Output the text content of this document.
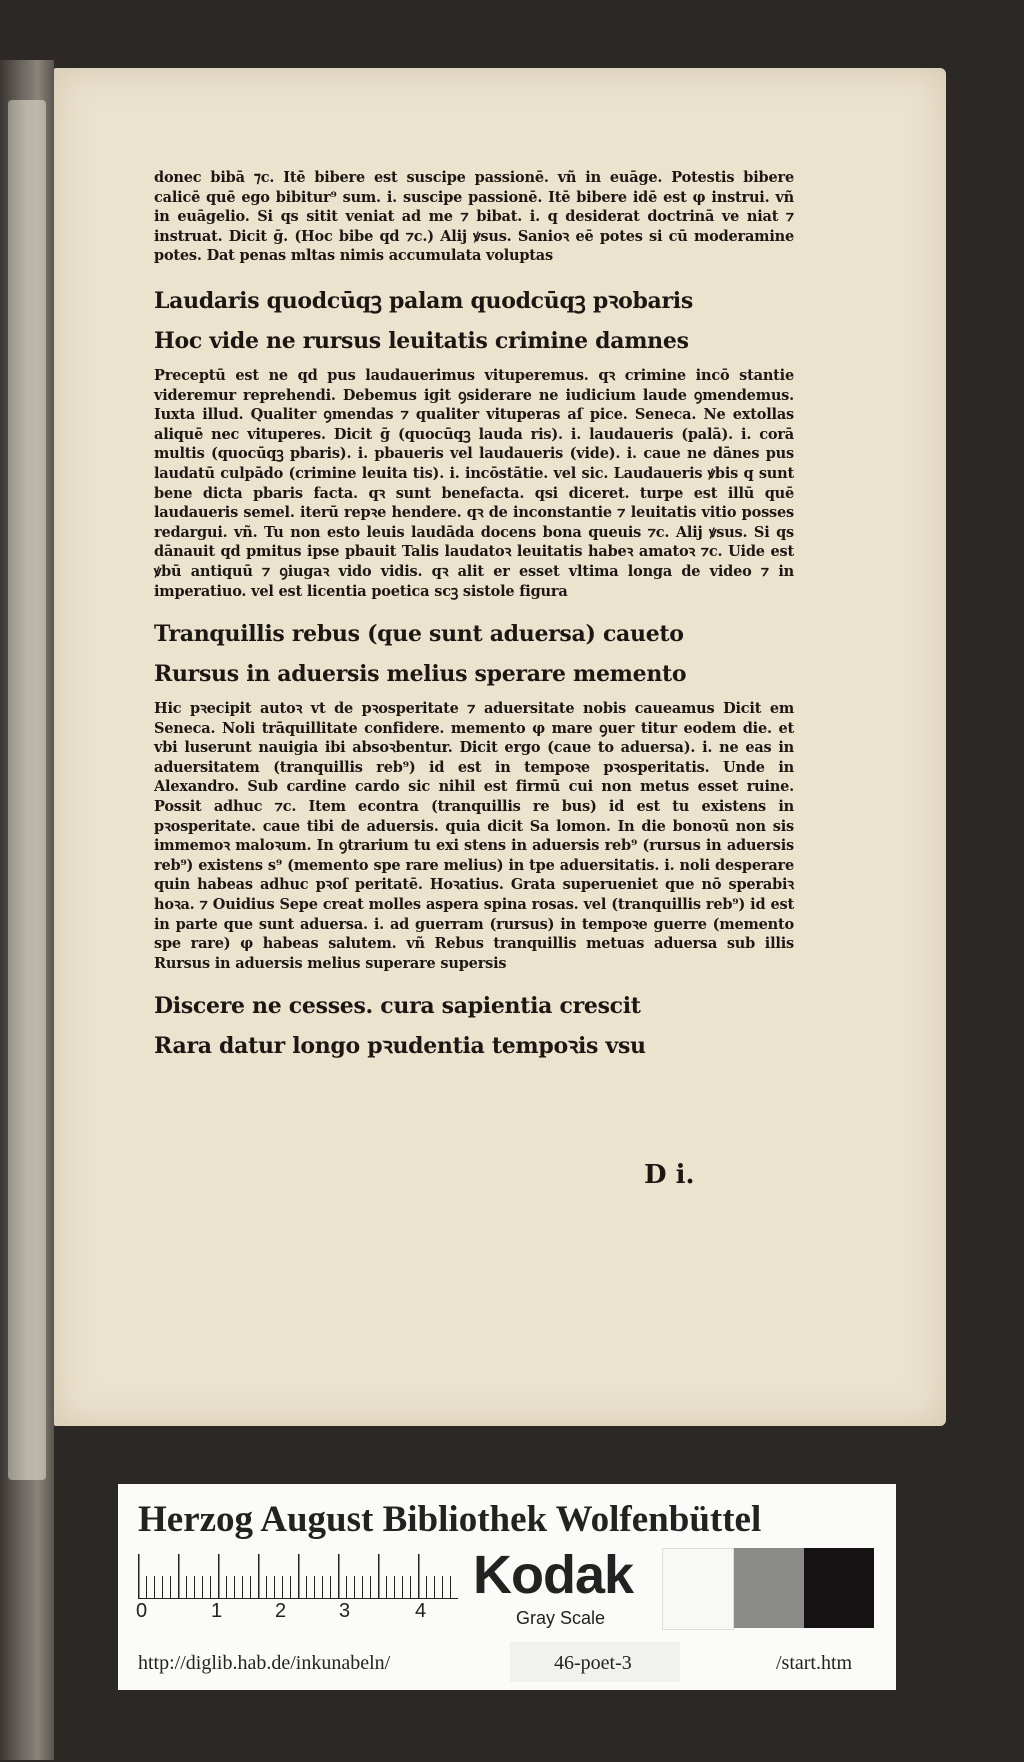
donec bibā ⁊c. Itē bibere est suscipe passionē. vñ in euāge. Potestis bibere calicē quē ego bibitur⁹ sum. i. suscipe passionē. Itē bibere idē est φ instrui. vñ in euāgelio. Si qs sitit veniat ad me ⁊ bibat. i. q desiderat doctrinā ve niat ⁊ instruat. Dicit ḡ. (Hoc bibe qd ⁊c.) Alij ꝟsus. Sanioꝛ eē potes si cū moderamine potes. Dat penas mltas nimis accumulata voluptas
Laudaris quodcūqꝫ palam quodcūqꝫ pꝛobaris
Hoc vide ne rursus leuitatis crimine damnes
Preceptū est ne qd pus laudauerimus vituperemus. qꝛ crimine incō stantie videremur reprehendi. Debemus igit ꝯsiderare ne iudicium laude ꝯmendemus. Iuxta illud. Qualiter ꝯmendas ⁊ qualiter vituperas aſ pice. Seneca. Ne extollas aliquē nec vituperes. Dicit ḡ (quocūqꝫ lauda ris). i. laudaueris (palā). i. corā multis (quocūqꝫ pbaris). i. pbaueris vel laudaueris (vide). i. caue ne dānes pus laudatū culpādo (crimine leuita tis). i. incōstātie. vel sic. Laudaueris ꝟbis q sunt bene dicta pbaris facta. qꝛ sunt benefacta. qsi diceret. turpe est illū quē laudaueris semel. iterū repꝛe hendere. qꝛ de inconstantie ⁊ leuitatis vitio posses redargui. vñ. Tu non esto leuis laudāda docens bona queuis ⁊c. Alij ꝟsus. Si qs dānauit qd pmitus ipse pbauit Talis laudatoꝛ leuitatis habeꝛ amatoꝛ ⁊c. Uide est ꝟbū antiquū ⁊ ꝯiugaꝛ vido vidis. qꝛ alit er esset vltima longa de video ⁊ in imperatiuo. vel est licentia poetica scꝫ sistole figura
Tranquillis rebus (que sunt aduersa) caueto
Rursus in aduersis melius sperare memento
Hic pꝛecipit autoꝛ vt de pꝛosperitate ⁊ aduersitate nobis caueamus Dicit em Seneca. Noli trāquillitate confidere. memento φ mare ꝯuer titur eodem die. et vbi luserunt nauigia ibi absoꝛbentur. Dicit ergo (caue to aduersa). i. ne eas in aduersitatem (tranquillis reb⁹) id est in tempoꝛe pꝛosperitatis. Unde in Alexandro. Sub cardine cardo sic nihil est firmū cui non metus esset ruine. Possit adhuc ⁊c. Item econtra (tranquillis re bus) id est tu existens in pꝛosperitate. caue tibi de aduersis. quia dicit Sa lomon. In die bonoꝛū non sis immemoꝛ maloꝛum. In ꝯtrarium tu exi stens in aduersis reb⁹ (rursus in aduersis reb⁹) existens s⁹ (memento spe rare melius) in tpe aduersitatis. i. noli desperare quin habeas adhuc pꝛoſ peritatē. Hoꝛatius. Grata superueniet que nō sperabiꝛ hoꝛa. ⁊ Ouidius Sepe creat molles aspera spina rosas. vel (tranquillis reb⁹) id est in parte que sunt aduersa. i. ad guerram (rursus) in tempoꝛe guerre (memento spe rare) φ habeas salutem. vñ Rebus tranquillis metuas aduersa sub illis Rursus in aduersis melius superare supersis
Discere ne cesses. cura sapientia crescit
Rara datur longo pꝛudentia tempoꝛis vsu
D i.
Herzog August Bibliothek Wolfenbüttel
0	1	2	3	4
Kodak
Gray Scale
http://diglib.hab.de/inkunabeln/	46-poet-3	/start.htm
